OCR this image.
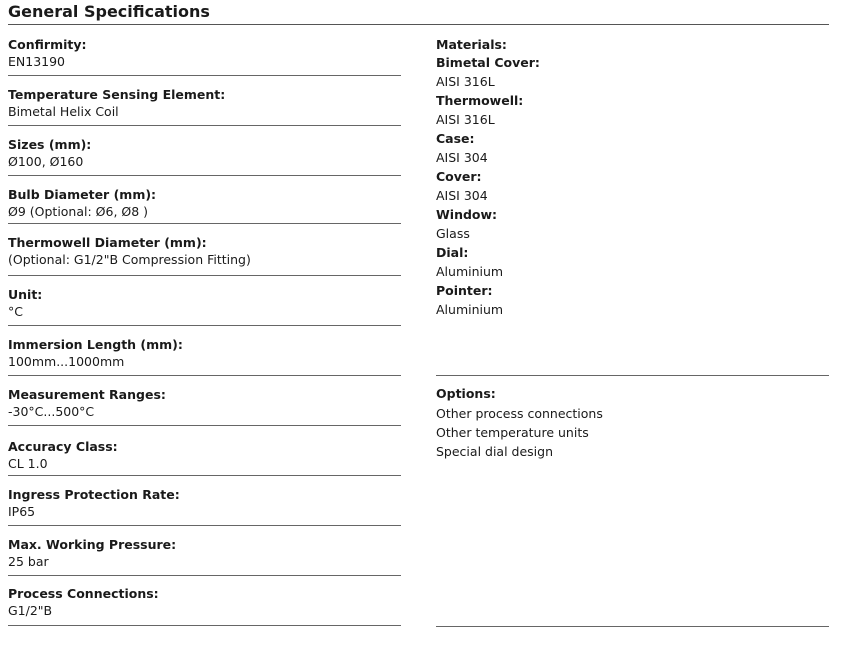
General Specifications
Confirmity:
EN13190
Temperature Sensing Element:
Bimetal Helix Coil
Sizes (mm):
Ø100, Ø160
Bulb Diameter (mm):
Ø9 (Optional: Ø6, Ø8 )
Thermowell Diameter (mm):
(Optional: G1/2"B Compression Fitting)
Unit:
°C
Immersion Length (mm):
100mm...1000mm
Measurement Ranges:
-30°C...500°C
Accuracy Class:
CL 1.0
Ingress Protection Rate:
IP65
Max. Working Pressure:
25 bar
Process Connections:
G1/2"B
Materials:
Bimetal Cover:
AISI 316L
Thermowell:
AISI 316L
Case:
AISI 304
Cover:
AISI 304
Window:
Glass
Dial:
Aluminium
Pointer:
Aluminium
Options:
Other process connections
Other temperature units
Special dial design
